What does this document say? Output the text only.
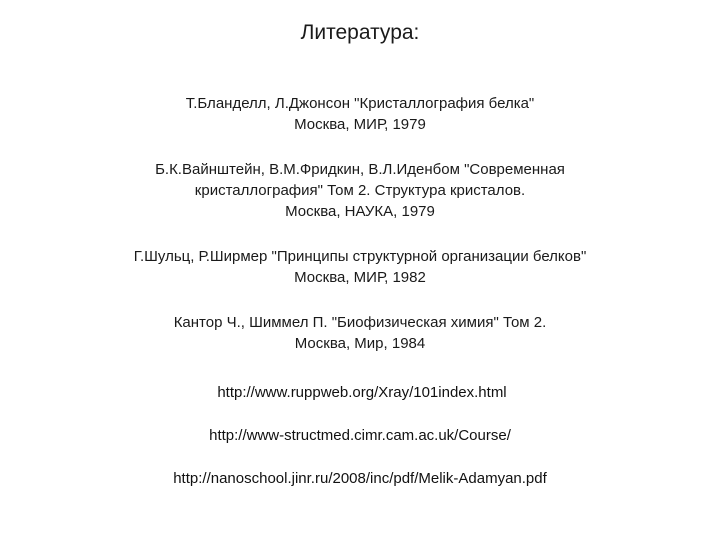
Литература:
Т.Бланделл, Л.Джонсон "Кристаллография белка"
Москва, МИР, 1979
Б.К.Вайнштейн, В.М.Фридкин, В.Л.Иденбом "Современная
кристаллография" Том 2. Структура кристалов.
Москва, НАУКА, 1979
Г.Шульц, Р.Ширмер "Принципы структурной организации белков"
Москва, МИР, 1982
Кантор Ч., Шиммел П. "Биофизическая химия" Том 2.
Москва, Мир, 1984
http://www.ruppweb.org/Xray/101index.html
http://www-structmed.cimr.cam.ac.uk/Course/
http://nanoschool.jinr.ru/2008/inc/pdf/Melik-Adamyan.pdf
